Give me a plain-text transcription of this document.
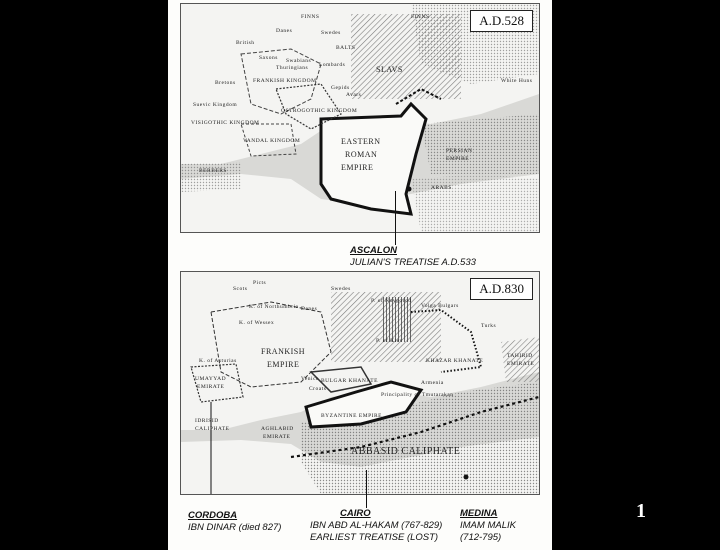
FINNS	FINNS
BALTS
SLAVS
FRANKISH KINGDOM
OSTROGOTHIC KINGDOM
VISIGOTHIC KINGDOM
VANDAL KINGDOM
BERBERS
EASTERN
ROMAN
EMPIRE
PERSIAN
EMPIRE
ARABS
White Huns
Saxons
Thuringians Lombards
Gepids
Swabians
Bretons
Suevic Kingdom
British
Avars
Danes	Swedes
A.D.528
FRANKISH
EMPIRE
BULGAR KHANATE
KHAZAR KHANATE
BYZANTINE EMPIRE
ABBASID CALIPHATE
UMAYYAD
EMIRATE
IDRISID
CALIPHATE	AGHLABID
EMIRATE
TAHIRID
EMIRATE
Volga Bulgars
Turks
Swedes
Danes
Scots
Picts
K. of Northumbria
K. of Wessex
P. of Novgorod
P. of Kiev
K. of Asturias
Venice
Croats
Principality of Tmutarakan
Armenia
A.D.830
ASCALON
JULIAN'S TREATISE A.D.533
CORDOBA
IBN DINAR (died 827)
CAIRO
IBN ABD AL-HAKAM (767-829)
EARLIEST TREATISE (LOST)
MEDINA
IMAM MALIK
(712-795)
1
